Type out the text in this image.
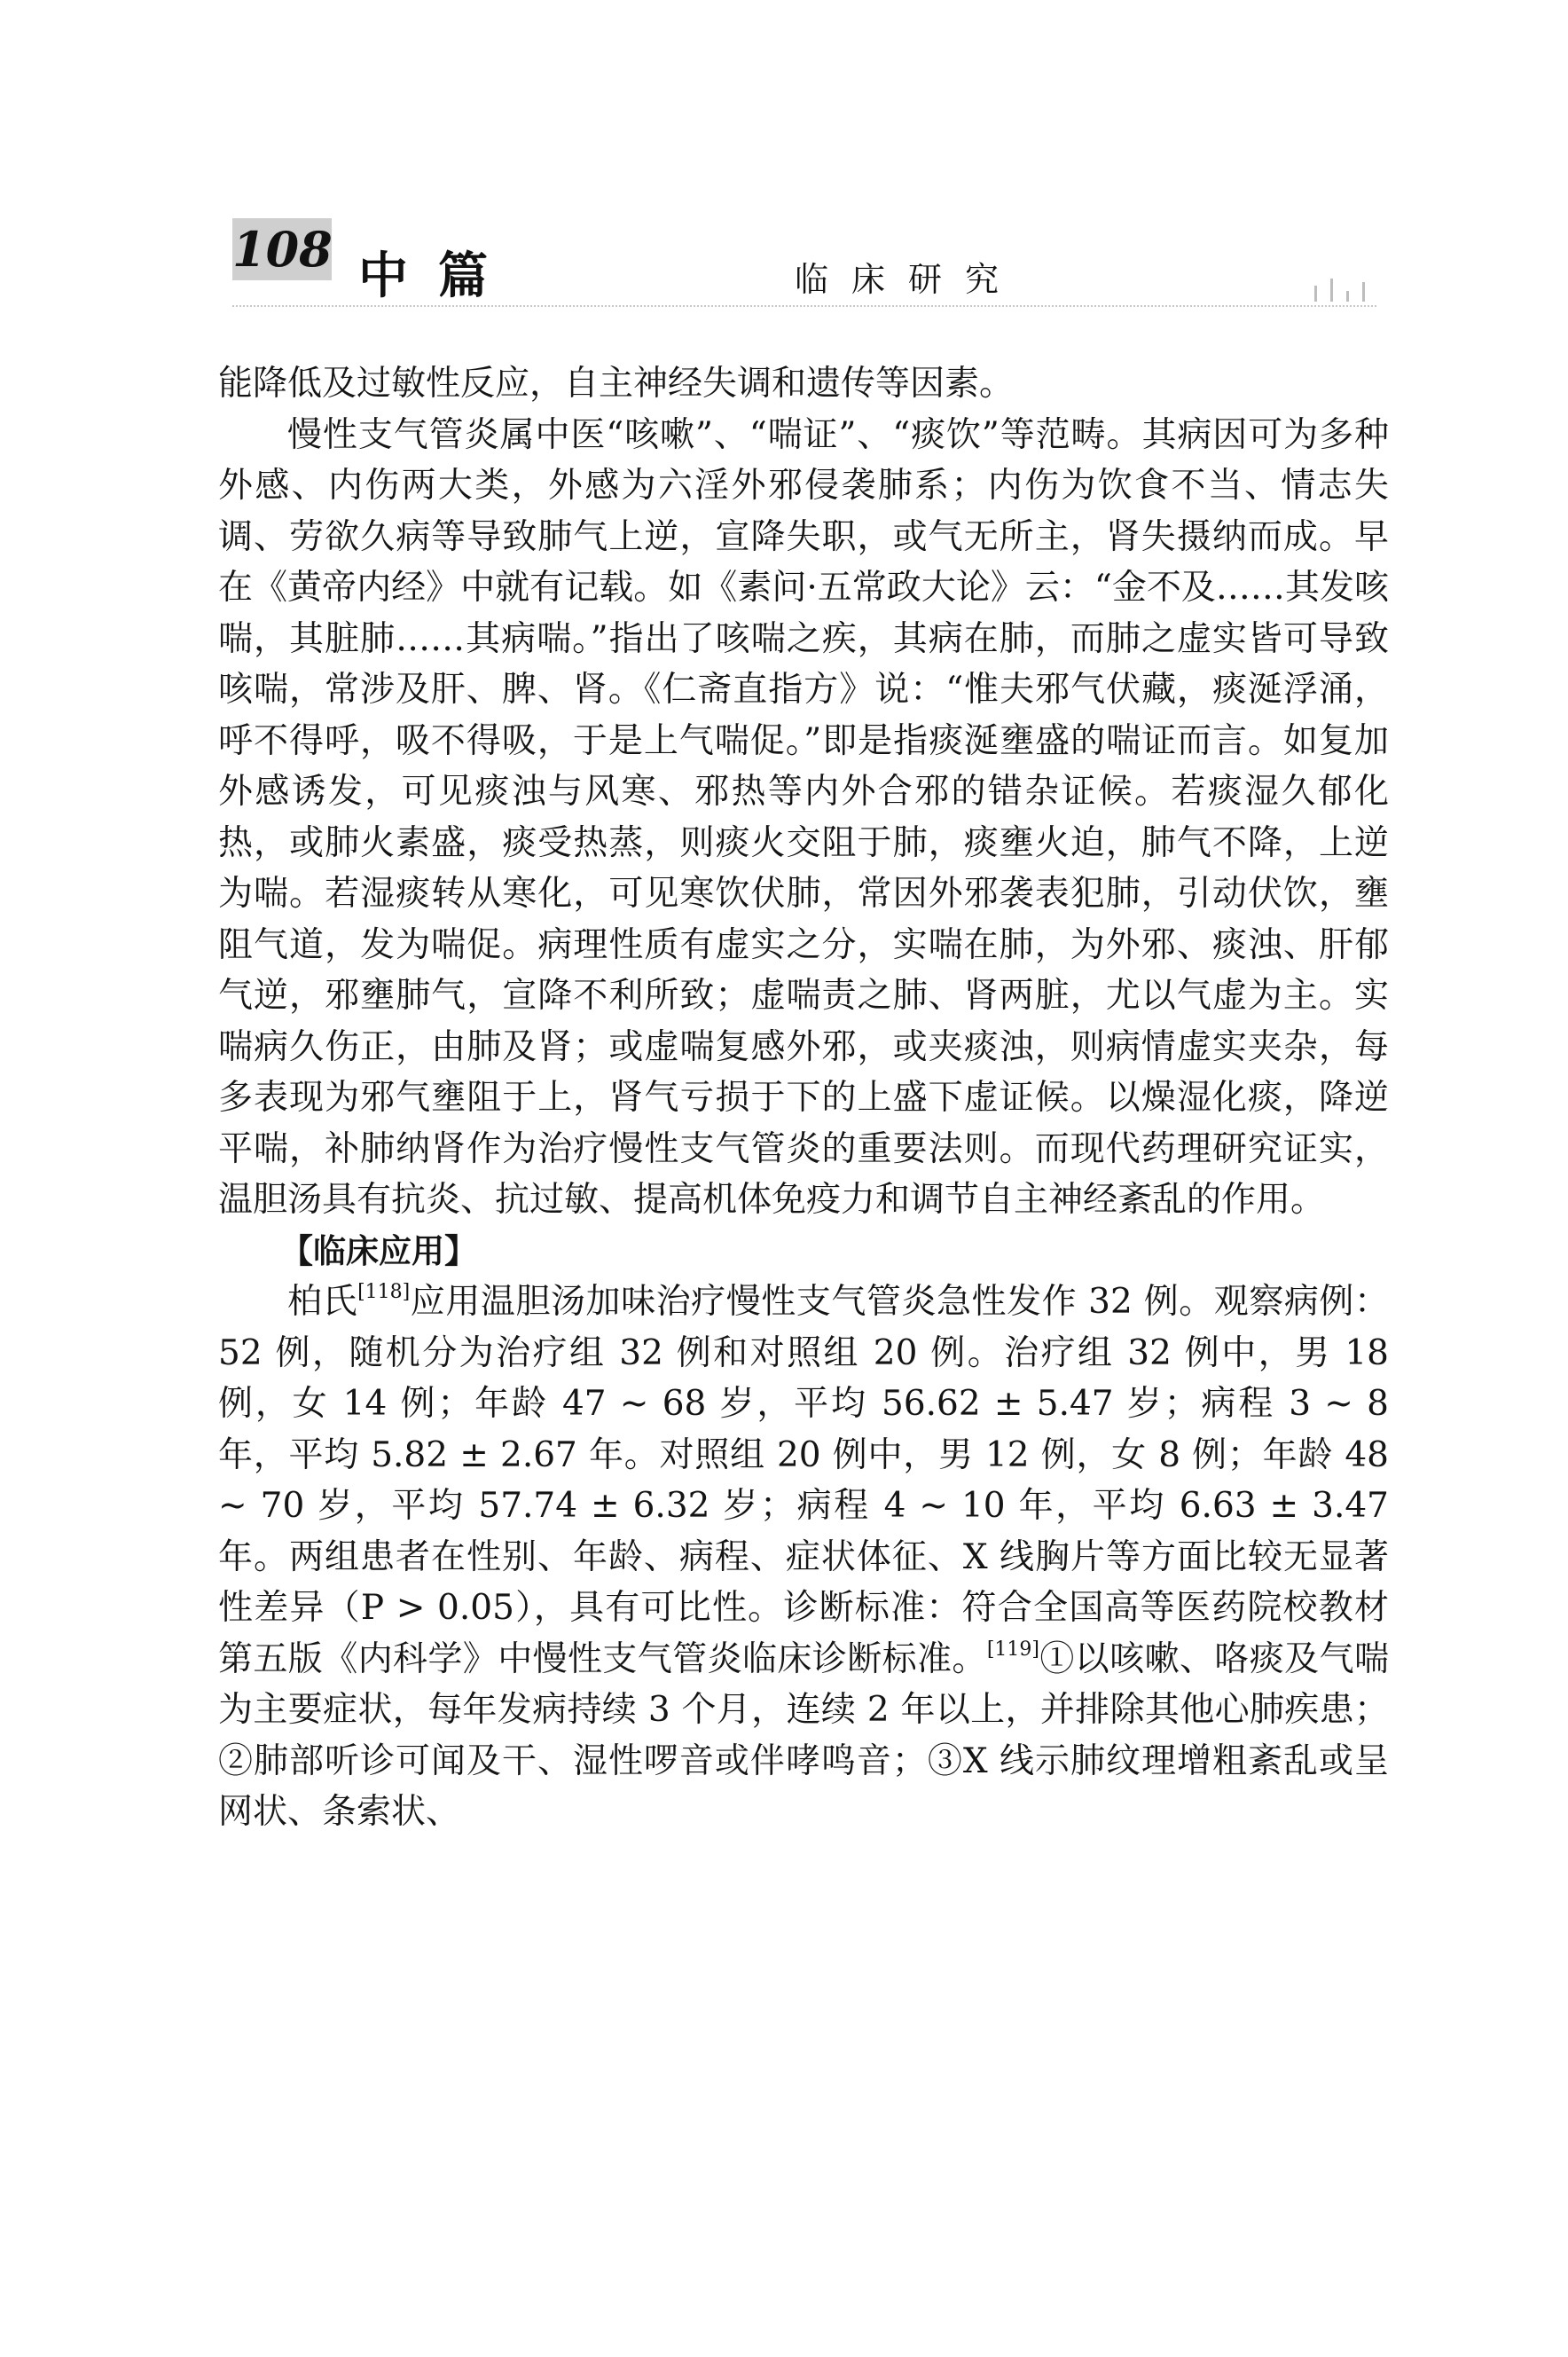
108 中篇	临床研究

能降低及过敏性反应，自主神经失调和遗传等因素。

慢性支气管炎属中医“咳嗽”、“喘证”、“痰饮”等范畴。其病因可为多种外感、内伤两大类，外感为六淫外邪侵袭肺系；内伤为饮食不当、情志失调、劳欲久病等导致肺气上逆，宣降失职，或气无所主，肾失摄纳而成。早在《黄帝内经》中就有记载。如《素问·五常政大论》云：“金不及……其发咳喘，其脏肺……其病喘。”指出了咳喘之疾，其病在肺，而肺之虚实皆可导致咳喘，常涉及肝、脾、肾。《仁斋直指方》说：“惟夫邪气伏藏，痰涎浮涌，呼不得呼，吸不得吸，于是上气喘促。”即是指痰涎壅盛的喘证而言。如复加外感诱发，可见痰浊与风寒、邪热等内外合邪的错杂证候。若痰湿久郁化热，或肺火素盛，痰受热蒸，则痰火交阻于肺，痰壅火迫，肺气不降，上逆为喘。若湿痰转从寒化，可见寒饮伏肺，常因外邪袭表犯肺，引动伏饮，壅阻气道，发为喘促。病理性质有虚实之分，实喘在肺，为外邪、痰浊、肝郁气逆，邪壅肺气，宣降不利所致；虚喘责之肺、肾两脏，尤以气虚为主。实喘病久伤正，由肺及肾；或虚喘复感外邪，或夹痰浊，则病情虚实夹杂，每多表现为邪气壅阻于上，肾气亏损于下的上盛下虚证候。以燥湿化痰，降逆平喘，补肺纳肾作为治疗慢性支气管炎的重要法则。而现代药理研究证实，温胆汤具有抗炎、抗过敏、提高机体免疫力和调节自主神经紊乱的作用。

【临床应用】

柏氏[118]应用温胆汤加味治疗慢性支气管炎急性发作 32 例。观察病例：52 例，随机分为治疗组 32 例和对照组 20 例。治疗组 32 例中，男 18 例，女 14 例；年龄 47 ~ 68 岁，平均 56.62 ± 5.47 岁；病程 3 ~ 8 年，平均 5.82 ± 2.67 年。对照组 20 例中，男 12 例，女 8 例；年龄 48 ~ 70 岁，平均 57.74 ± 6.32 岁；病程 4 ~ 10 年，平均 6.63 ± 3.47 年。两组患者在性别、年龄、病程、症状体征、X 线胸片等方面比较无显著性差异（P > 0.05），具有可比性。诊断标准：符合全国高等医药院校教材第五版《内科学》中慢性支气管炎临床诊断标准。[119]①以咳嗽、咯痰及气喘为主要症状，每年发病持续 3 个月，连续 2 年以上，并排除其他心肺疾患；②肺部听诊可闻及干、湿性啰音或伴哮鸣音；③X 线示肺纹理增粗紊乱或呈网状、条索状、
